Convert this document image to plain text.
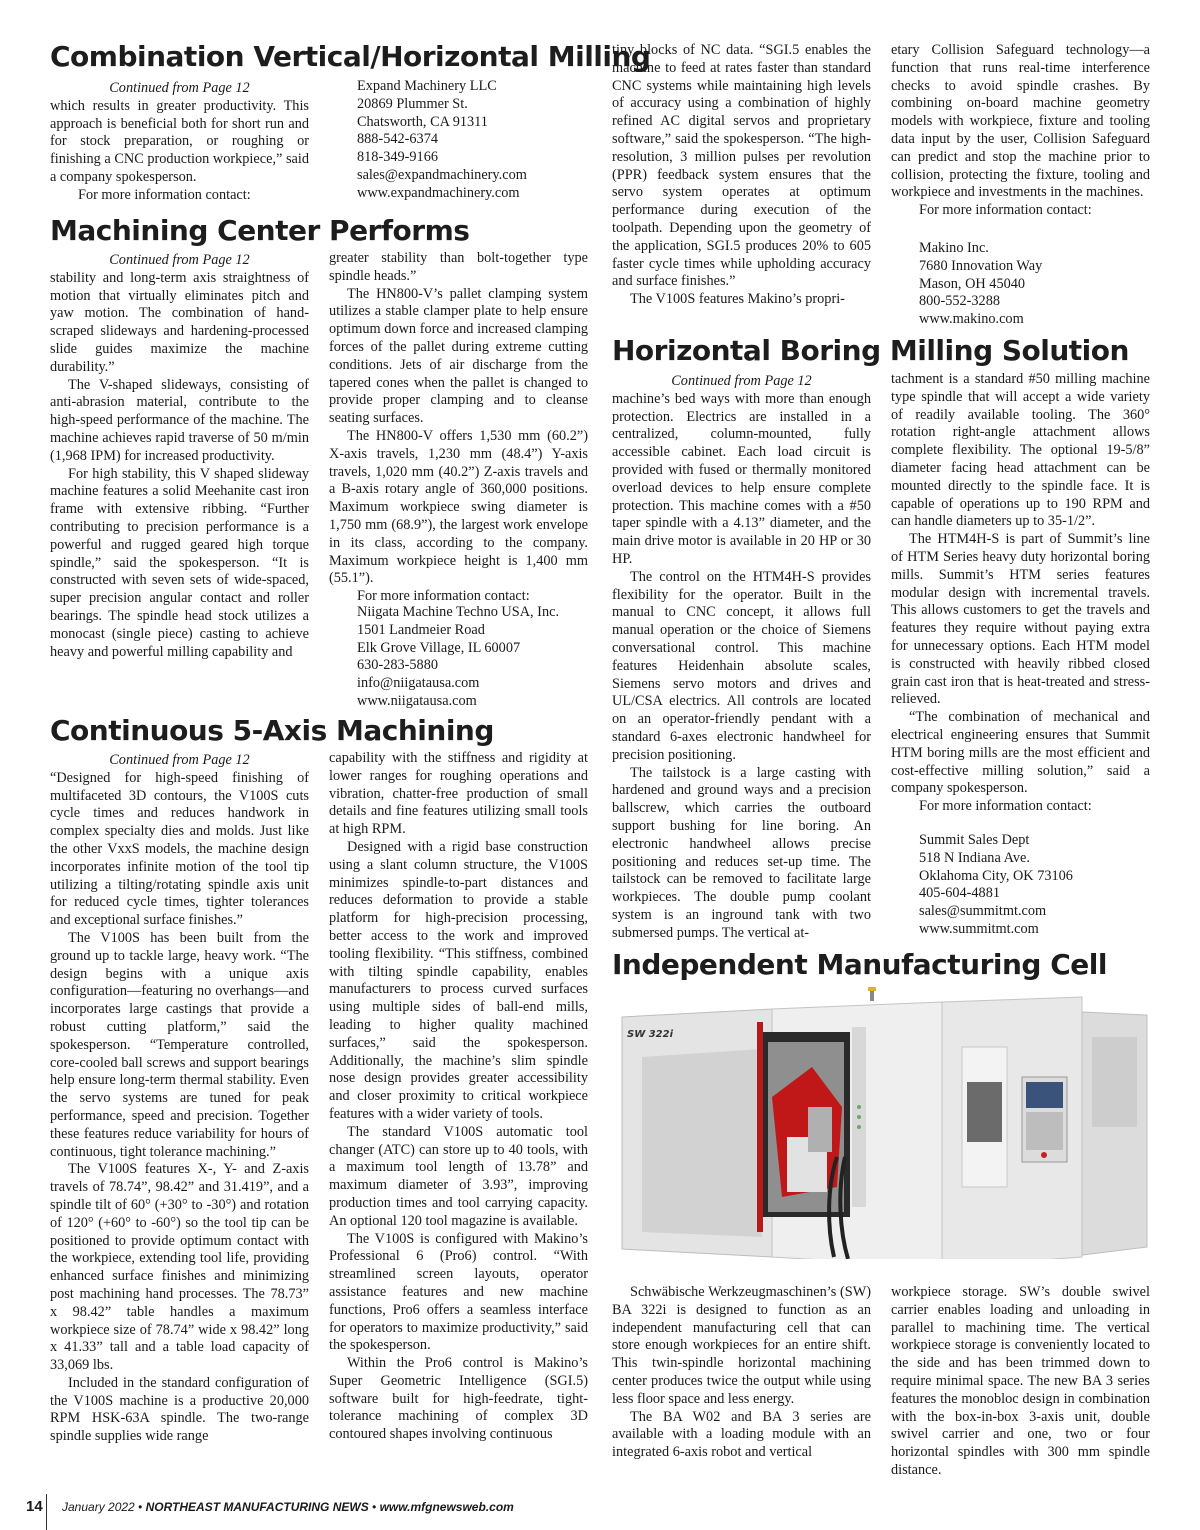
Combination Vertical/Horizontal Milling

Continued from Page 12

which results in greater productivity. This approach is beneficial both for short run and for stock preparation, or roughing or finishing a CNC production workpiece,” said a company spokesperson.

For more information contact:

Expand Machinery LLC
20869 Plummer St.
Chatsworth, CA 91311
888-542-6374
818-349-9166
sales@expandmachinery.com
www.expandmachinery.com
Machining Center Performs

Continued from Page 12

stability and long-term axis straightness of motion that virtually eliminates pitch and yaw motion. The combination of hand-scraped slideways and hardening-processed slide guides maximize the machine durability.”

The V-shaped slideways, consisting of anti-abrasion material, contribute to the high-speed performance of the machine. The machine achieves rapid traverse of 50 m/min (1,968 IPM) for increased productivity.

For high stability, this V shaped slideway machine features a solid Meehanite cast iron frame with extensive ribbing. “Further contributing to precision performance is a powerful and rugged geared high torque spindle,” said the spokesperson. “It is constructed with seven sets of wide-spaced, super precision angular contact and roller bearings. The spindle head stock utilizes a monocast (single piece) casting to achieve heavy and powerful milling capability and

greater stability than bolt-together type spindle heads.”

The HN800-V’s pallet clamping system utilizes a stable clamper plate to help ensure optimum down force and increased clamping forces of the pallet during extreme cutting conditions. Jets of air discharge from the tapered cones when the pallet is changed to provide proper clamping and to cleanse seating surfaces.

The HN800-V offers 1,530 mm (60.2”) X-axis travels, 1,230 mm (48.4”) Y-axis travels, 1,020 mm (40.2”) Z-axis travels and a B-axis rotary angle of 360,000 positions. Maximum workpiece swing diameter is 1,750 mm (68.9”), the largest work envelope in its class, according to the company. Maximum workpiece height is 1,400 mm (55.1”).

For more information contact:

Niigata Machine Techno USA, Inc.
1501 Landmeier Road
Elk Grove Village, IL 60007
630-283-5880
info@niigatausa.com
www.niigatausa.com
Continuous 5-Axis Machining

Continued from Page 12

“Designed for high-speed finishing of multifaceted 3D contours, the V100S cuts cycle times and reduces handwork in complex specialty dies and molds. Just like the other VxxS models, the machine design incorporates infinite motion of the tool tip utilizing a tilting/rotating spindle axis unit for reduced cycle times, tighter tolerances and exceptional surface finishes.”

The V100S has been built from the ground up to tackle large, heavy work. “The design begins with a unique axis configuration—featuring no overhangs—and incorporates large castings that provide a robust cutting platform,” said the spokesperson. “Temperature controlled, core-cooled ball screws and support bearings help ensure long-term thermal stability. Even the servo systems are tuned for peak performance, speed and precision. Together these features reduce variability for hours of continuous, tight tolerance machining.”

The V100S features X-, Y- and Z-axis travels of 78.74”, 98.42” and 31.419”, and a spindle tilt of 60° (+30° to -30°) and rotation of 120° (+60° to -60°) so the tool tip can be positioned to provide optimum contact with the workpiece, extending tool life, providing enhanced surface finishes and minimizing post machining hand processes. The 78.73” x 98.42” table handles a maximum workpiece size of 78.74” wide x 98.42” long x 41.33” tall and a table load capacity of 33,069 lbs.

Included in the standard configuration of the V100S machine is a productive 20,000 RPM HSK-63A spindle. The two-range spindle supplies wide range

capability with the stiffness and rigidity at lower ranges for roughing operations and vibration, chatter-free production of small details and fine features utilizing small tools at high RPM.

Designed with a rigid base construction using a slant column structure, the V100S minimizes spindle-to-part distances and reduces deformation to provide a stable platform for high-precision processing, better access to the work and improved tooling flexibility. “This stiffness, combined with tilting spindle capability, enables manufacturers to process curved surfaces using multiple sides of ball-end mills, leading to higher quality machined surfaces,” said the spokesperson. Additionally, the machine’s slim spindle nose design provides greater accessibility and closer proximity to critical workpiece features with a wider variety of tools.

The standard V100S automatic tool changer (ATC) can store up to 40 tools, with a maximum tool length of 13.78” and maximum diameter of 3.93”, improving production times and tool carrying capacity. An optional 120 tool magazine is available.

The V100S is configured with Makino’s Professional 6 (Pro6) control. “With streamlined screen layouts, operator assistance features and new machine functions, Pro6 offers a seamless interface for operators to maximize productivity,” said the spokesperson.

Within the Pro6 control is Makino’s Super Geometric Intelligence (SGI.5) software built for high-feedrate, tight-tolerance machining of complex 3D contoured shapes involving continuous

tiny blocks of NC data. “SGI.5 enables the machine to feed at rates faster than standard CNC systems while maintaining high levels of accuracy using a combination of highly refined AC digital servos and proprietary software,” said the spokesperson. “The high-resolution, 3 million pulses per revolution (PPR) feedback system ensures that the servo system operates at optimum performance during execution of the toolpath. Depending upon the geometry of the application, SGI.5 produces 20% to 605 faster cycle times while upholding accuracy and surface finishes.”

The V100S features Makino’s propri-

etary Collision Safeguard technology—a function that runs real-time interference checks to avoid spindle crashes. By combining on-board machine geometry models with workpiece, fixture and tooling data input by the user, Collision Safeguard can predict and stop the machine prior to collision, protecting the fixture, tooling and workpiece and investments in the machines.

For more information contact:

Makino Inc.
7680 Innovation Way
Mason, OH 45040
800-552-3288
www.makino.com
Horizontal Boring Milling Solution

Continued from Page 12

machine’s bed ways with more than enough protection. Electrics are installed in a centralized, column-mounted, fully accessible cabinet. Each load circuit is provided with fused or thermally monitored overload devices to help ensure complete protection. This machine comes with a #50 taper spindle with a 4.13” diameter, and the main drive motor is available in 20 HP or 30 HP.

The control on the HTM4H-S provides flexibility for the operator. Built in the manual to CNC concept, it allows full manual operation or the choice of Siemens conversational control. This machine features Heidenhain absolute scales, Siemens servo motors and drives and UL/CSA electrics. All controls are located on an operator-friendly pendant with a standard 6-axes electronic handwheel for precision positioning.

The tailstock is a large casting with hardened and ground ways and a precision ballscrew, which carries the outboard support bushing for line boring. An electronic handwheel allows precise positioning and reduces set-up time. The tailstock can be removed to facilitate large workpieces. The double pump coolant system is an inground tank with two submersed pumps. The vertical at-

tachment is a standard #50 milling machine type spindle that will accept a wide variety of readily available tooling. The 360° rotation right-angle attachment allows complete flexibility. The optional 19-5/8” diameter facing head attachment can be mounted directly to the spindle face. It is capable of operations up to 190 RPM and can handle diameters up to 35-1/2”.

The HTM4H-S is part of Summit’s line of HTM Series heavy duty horizontal boring mills. Summit’s HTM series features modular design with incremental travels. This allows customers to get the travels and features they require without paying extra for unnecessary options. Each HTM model is constructed with heavily ribbed closed grain cast iron that is heat-treated and stress-relieved.

“The combination of mechanical and electrical engineering ensures that Summit HTM boring mills are the most efficient and cost-effective milling solution,” said a company spokesperson.

For more information contact:

Summit Sales Dept
518 N Indiana Ave.
Oklahoma City, OK 73106
405-604-4881
sales@summitmt.com
www.summitmt.com
Independent Manufacturing Cell
SW 322i

Schwäbische Werkzeugmaschinen’s (SW) BA 322i is designed to function as an independent manufacturing cell that can store enough workpieces for an entire shift. This twin-spindle horizontal machining center produces twice the output while using less floor space and less energy.

The BA W02 and BA 3 series are available with a loading module with an integrated 6-axis robot and vertical

workpiece storage. SW’s double swivel carrier enables loading and unloading in parallel to machining time. The vertical workpiece storage is conveniently located to the side and has been trimmed down to require minimal space. The new BA 3 series features the monobloc design in combination with the box-in-box 3-axis unit, double swivel carrier and one, two or four horizontal spindles with 300 mm spindle distance.

14 January 2022 • NORTHEAST MANUFACTURING NEWS • www.mfgnewsweb.com
